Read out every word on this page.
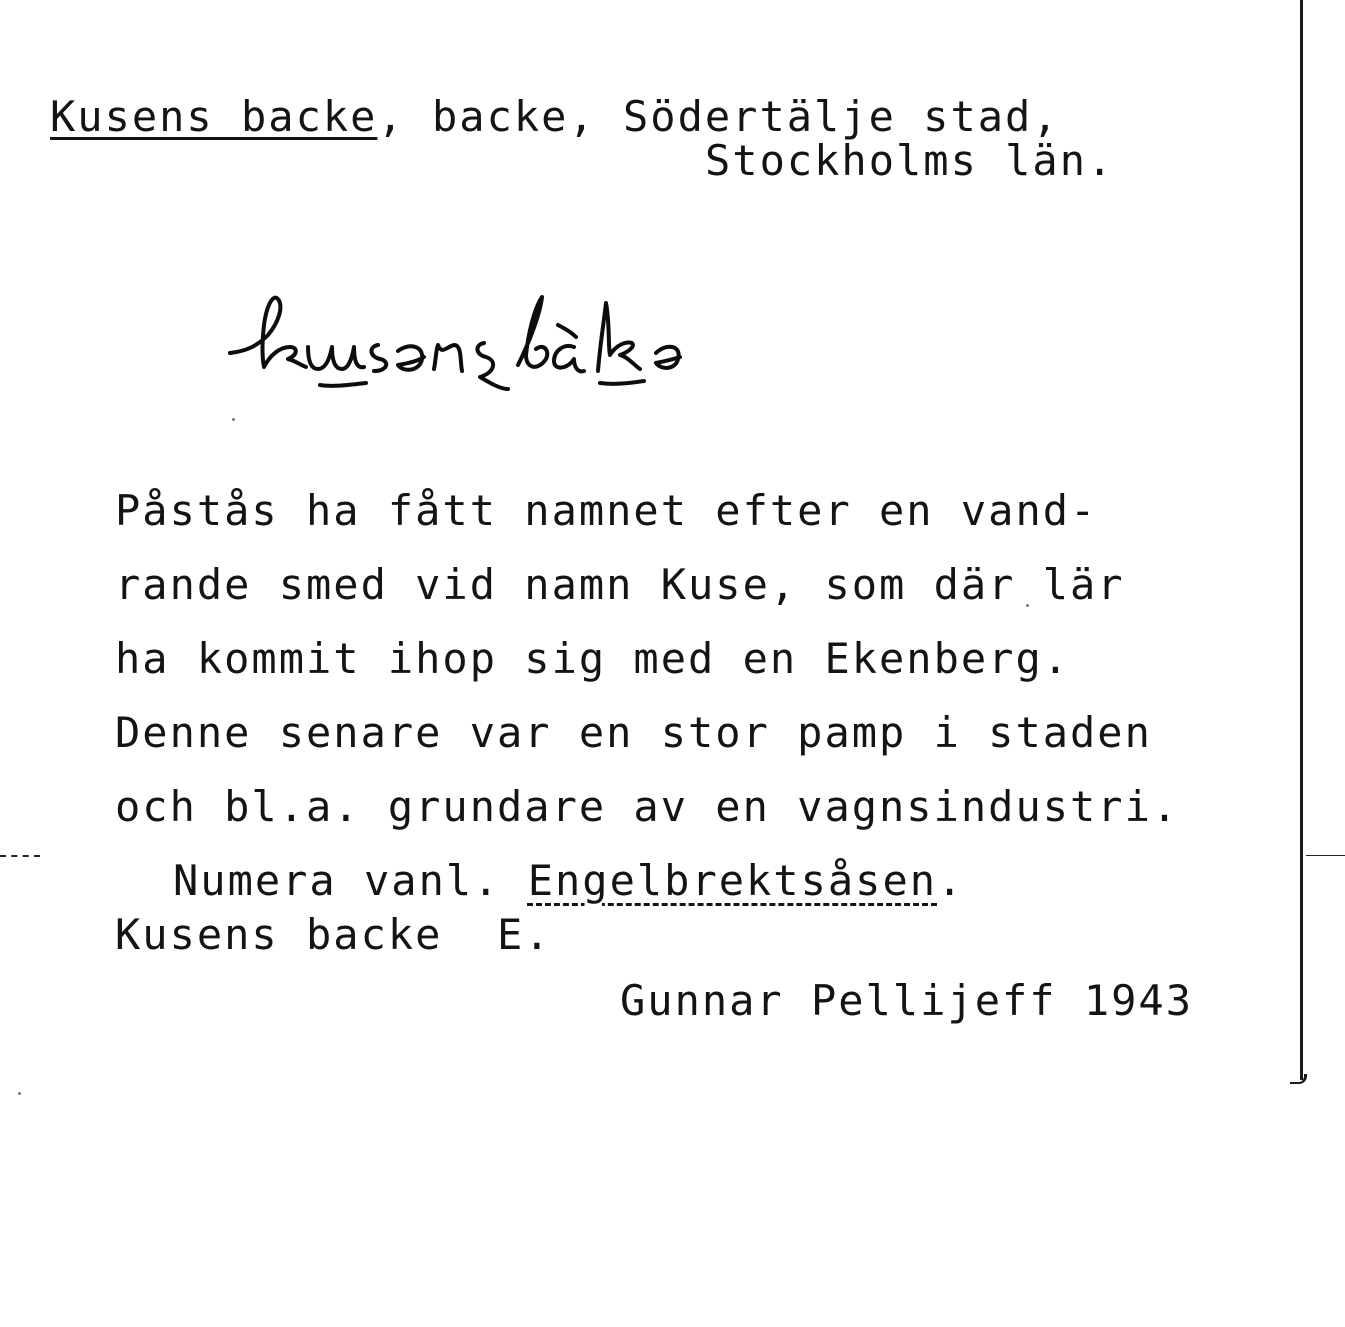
Kusens backe, backe, Södertälje stad,

Stockholms län.

Påstås ha fått namnet efter en vand-

rande smed vid namn Kuse, som där lär

ha kommit ihop sig med en Ekenberg.

Denne senare var en stor pamp i staden

och bl.a. grundare av en vagnsindustri.

Numera vanl. Engelbrektsåsen.

Kusens backe  E.

Gunnar Pellijeff 1943
